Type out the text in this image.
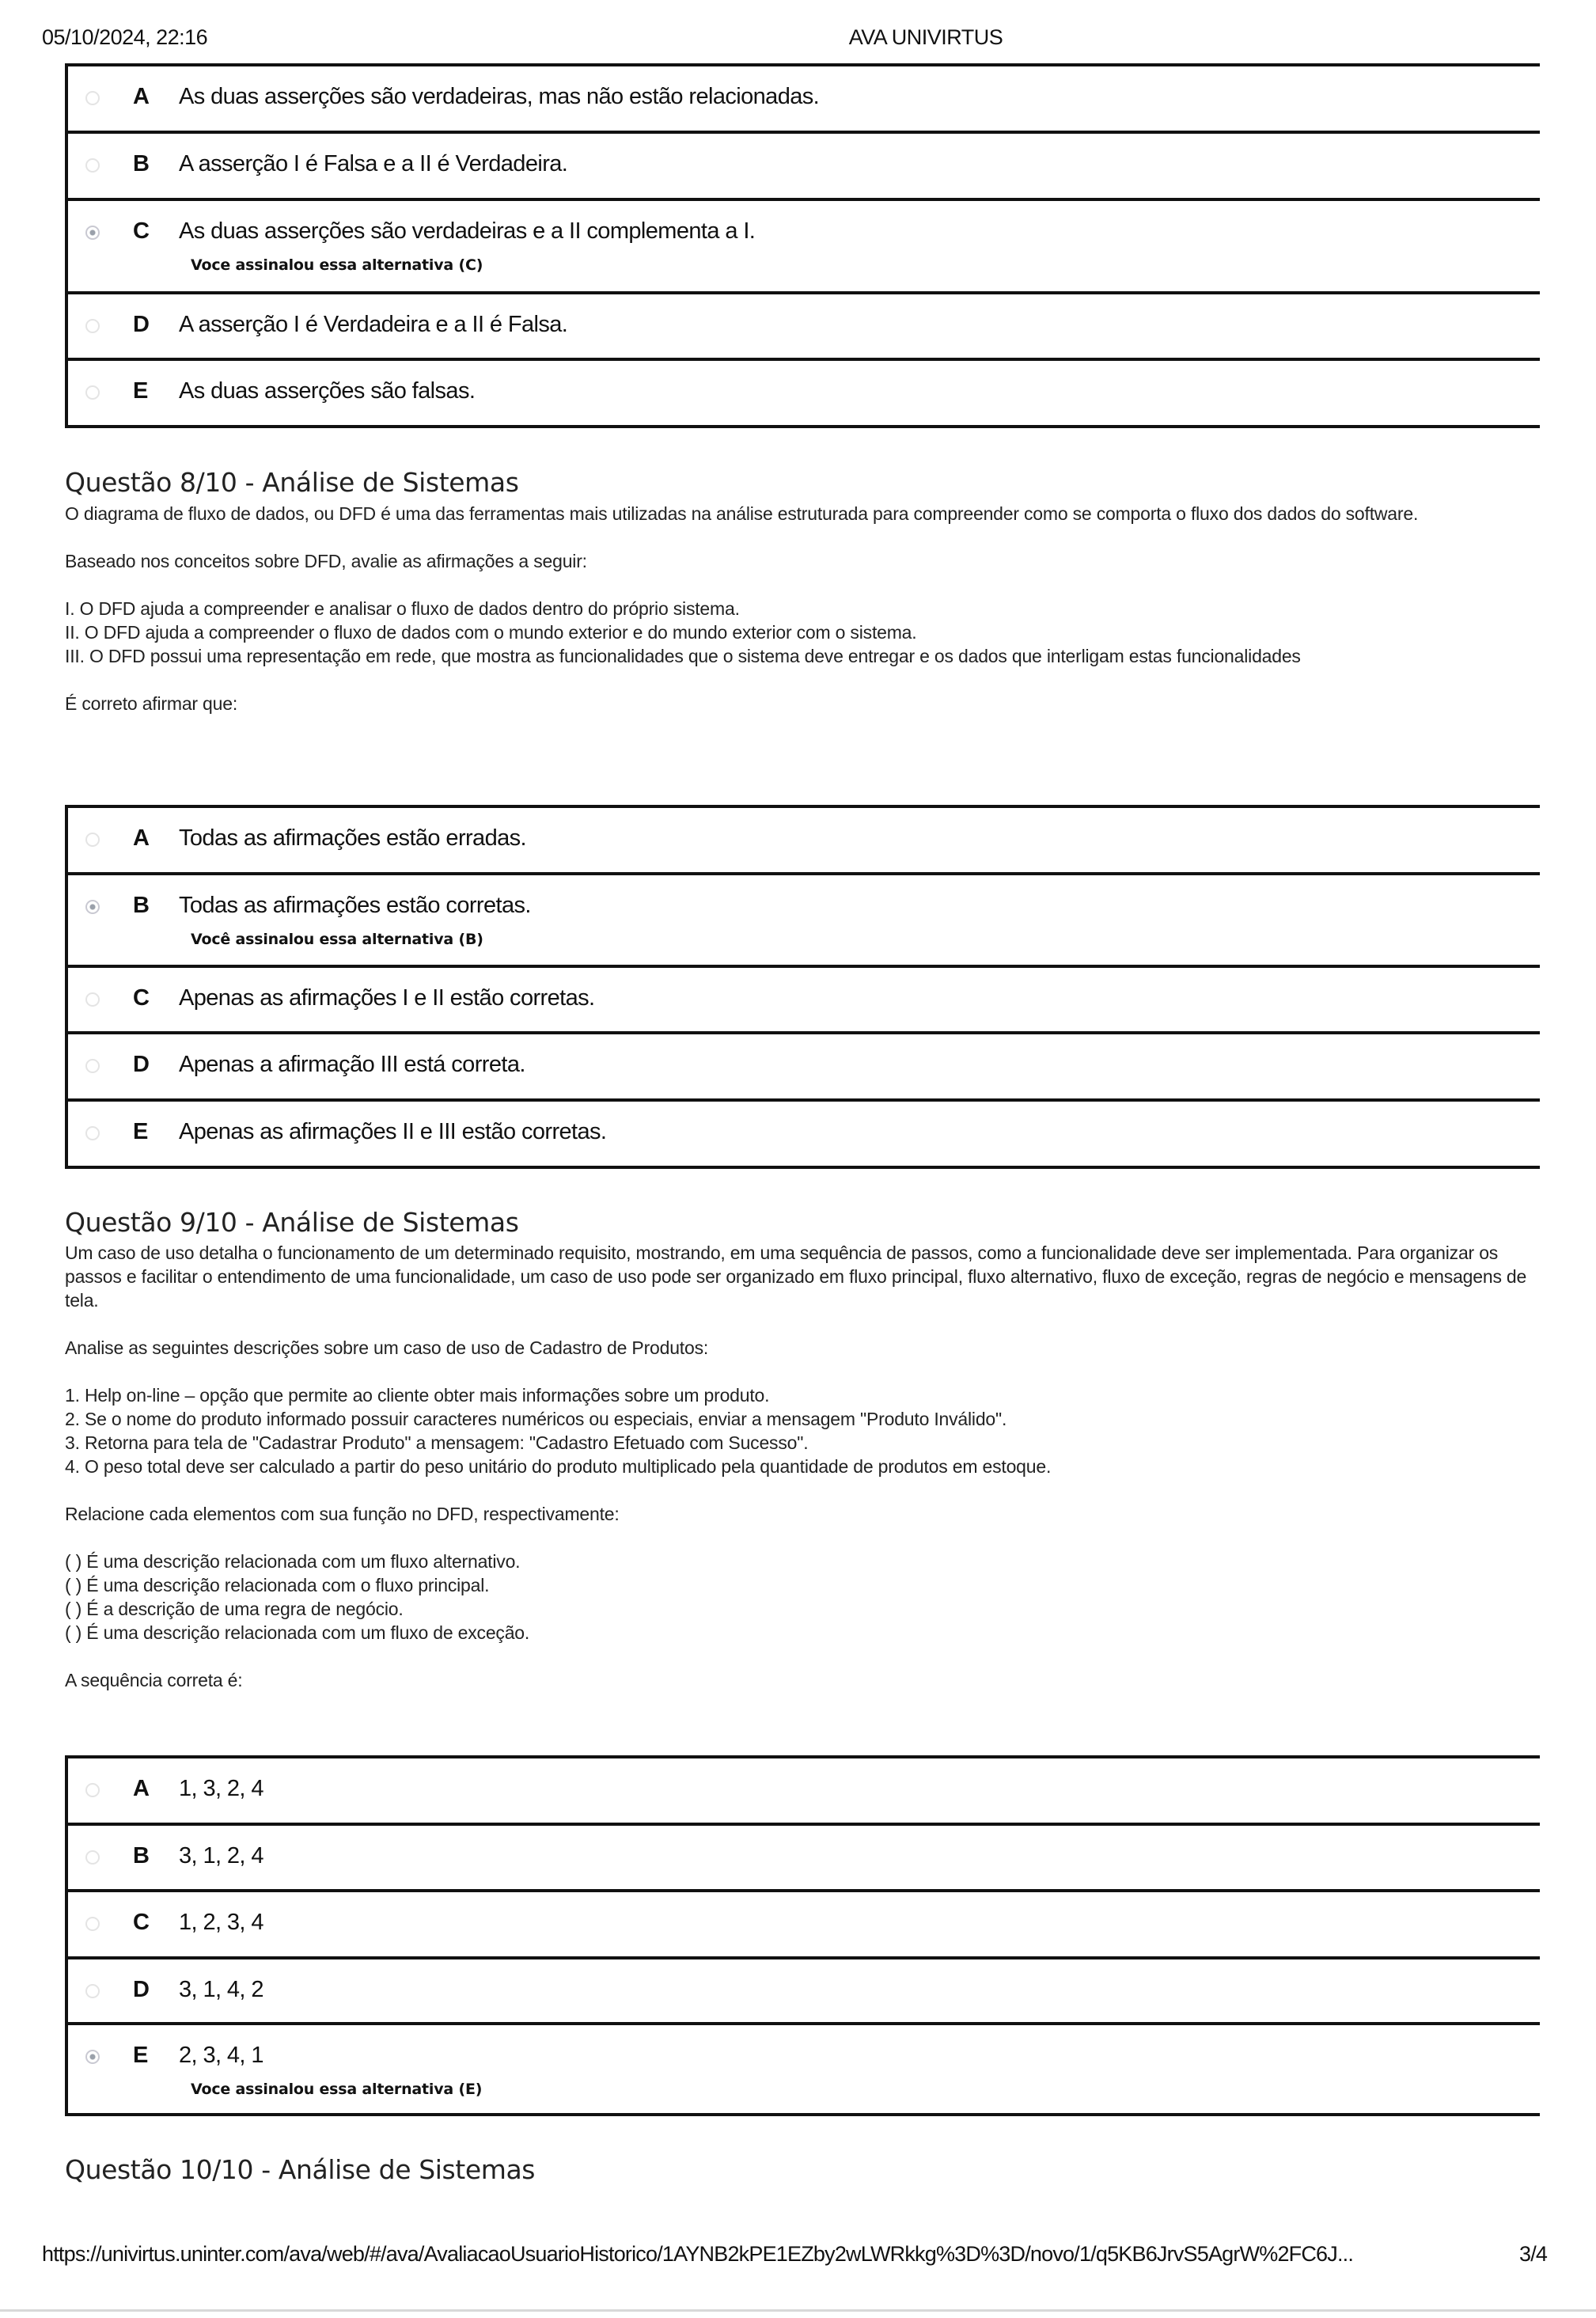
05/10/2024, 22:16	AVA UNIVIRTUS
A As duas asserções são verdadeiras, mas não estão relacionadas.
B A asserção I é Falsa e a II é Verdadeira.
C As duas asserções são verdadeiras e a II complementa a I.
Voce assinalou essa alternativa (C)
D A asserção I é Verdadeira e a II é Falsa.
E As duas asserções são falsas.
Questão 8/10 - Análise de Sistemas

O diagrama de fluxo de dados, ou DFD é uma das ferramentas mais utilizadas na análise estruturada para compreender como se comporta o fluxo dos dados do software.

Baseado nos conceitos sobre DFD, avalie as afirmações a seguir:

I. O DFD ajuda a compreender e analisar o fluxo de dados dentro do próprio sistema.

II. O DFD ajuda a compreender o fluxo de dados com o mundo exterior e do mundo exterior com o sistema.

III. O DFD possui uma representação em rede, que mostra as funcionalidades que o sistema deve entregar e os dados que interligam estas funcionalidades

É correto afirmar que:

A Todas as afirmações estão erradas.
B Todas as afirmações estão corretas.
Você assinalou essa alternativa (B)
C Apenas as afirmações I e II estão corretas.
D Apenas a afirmação III está correta.
E Apenas as afirmações II e III estão corretas.
Questão 9/10 - Análise de Sistemas

Um caso de uso detalha o funcionamento de um determinado requisito, mostrando, em uma sequência de passos, como a funcionalidade deve ser implementada. Para organizar os passos e facilitar o entendimento de uma funcionalidade, um caso de uso pode ser organizado em fluxo principal, fluxo alternativo, fluxo de exceção, regras de negócio e mensagens de tela.

Analise as seguintes descrições sobre um caso de uso de Cadastro de Produtos:

1. Help on-line – opção que permite ao cliente obter mais informações sobre um produto.

2. Se o nome do produto informado possuir caracteres numéricos ou especiais, enviar a mensagem "Produto Inválido".

3. Retorna para tela de "Cadastrar Produto" a mensagem: "Cadastro Efetuado com Sucesso".

4. O peso total deve ser calculado a partir do peso unitário do produto multiplicado pela quantidade de produtos em estoque.

Relacione cada elementos com sua função no DFD, respectivamente:

( ) É uma descrição relacionada com um fluxo alternativo.

( ) É uma descrição relacionada com o fluxo principal.

( ) É a descrição de uma regra de negócio.

( ) É uma descrição relacionada com um fluxo de exceção.

A sequência correta é:

A 1, 3, 2, 4
B 3, 1, 2, 4
C 1, 2, 3, 4
D 3, 1, 4, 2
E 2, 3, 4, 1
Voce assinalou essa alternativa (E)
Questão 10/10 - Análise de Sistemas
https://univirtus.uninter.com/ava/web/#/ava/AvaliacaoUsuarioHistorico/1AYNB2kPE1EZby2wLWRkkg%3D%3D/novo/1/q5KB6JrvS5AgrW%2FC6J...	3/4
